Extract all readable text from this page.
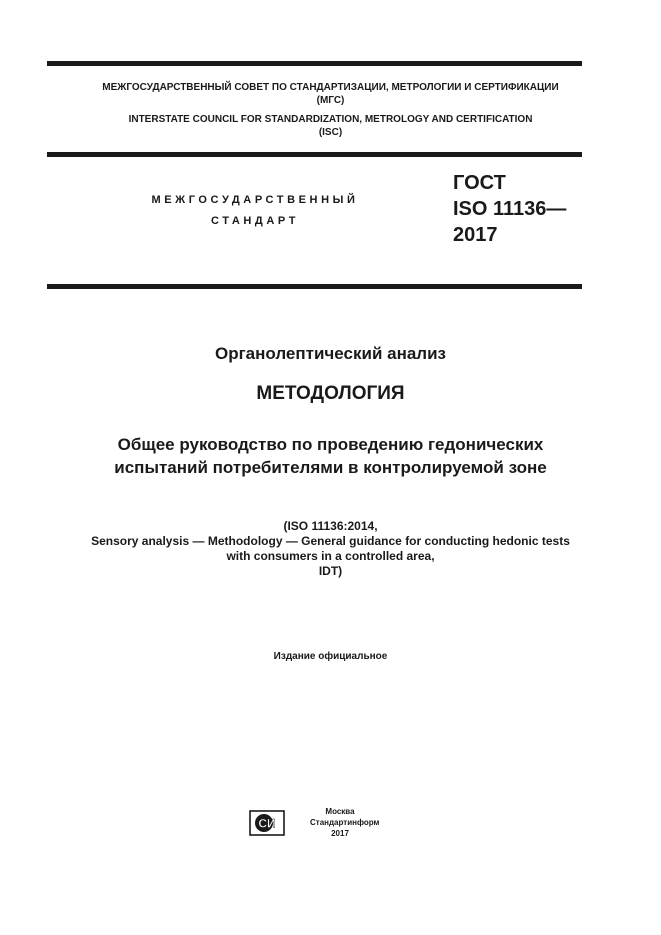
МЕЖГОСУДАРСТВЕННЫЙ СОВЕТ ПО СТАНДАРТИЗАЦИИ, МЕТРОЛОГИИ И СЕРТИФИКАЦИИ
(МГС)
INTERSTATE COUNCIL FOR STANDARDIZATION, METROLOGY AND CERTIFICATION
(ISC)
МЕЖГОСУДАРСТВЕННЫЙ
СТАНДАРТ
ГОСТ
ISO 11136—
2017
Органолептический анализ
МЕТОДОЛОГИЯ
Общее руководство по проведению гедонических
испытаний потребителями в контролируемой зоне
(ISO 11136:2014,
Sensory analysis — Methodology — General guidance for conducting hedonic tests
with consumers in a controlled area,
IDT)
Издание официальное
СИ
Москва
Стандартинформ
2017
